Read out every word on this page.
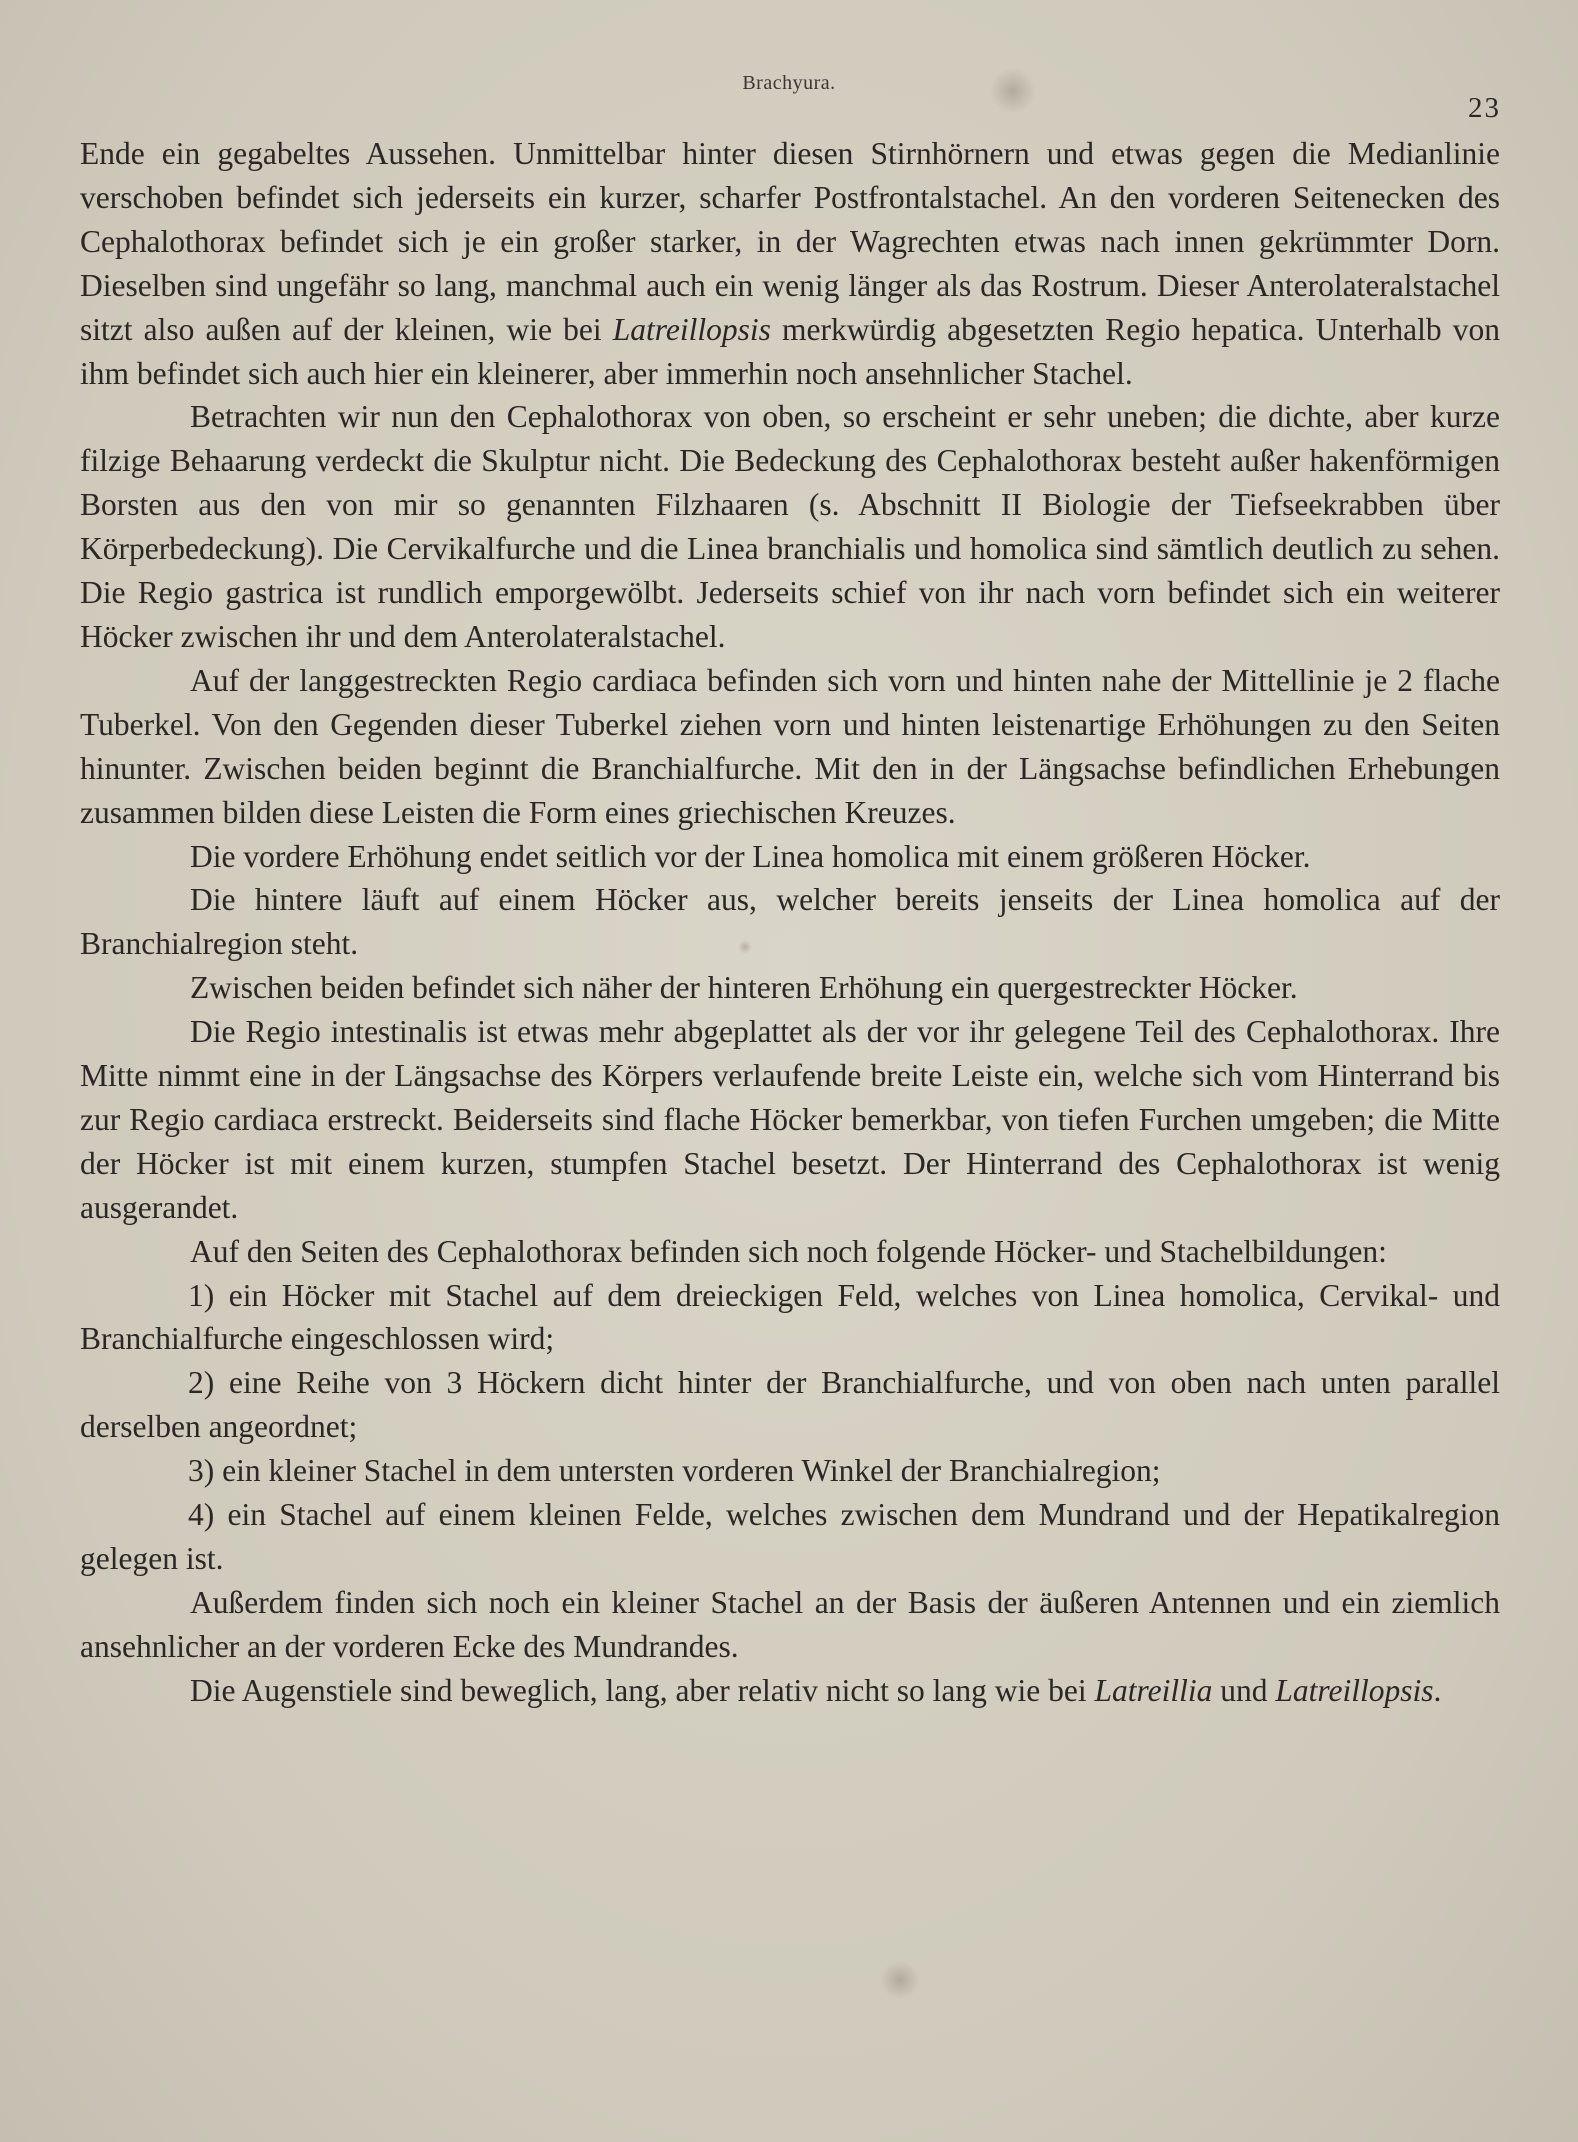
Brachyura.
23

Ende ein gegabeltes Aussehen. Unmittelbar hinter diesen Stirnhörnern und etwas gegen die Medianlinie verschoben befindet sich jederseits ein kurzer, scharfer Postfrontalstachel. An den vorderen Seitenecken des Cephalothorax befindet sich je ein großer starker, in der Wagrechten etwas nach innen gekrümmter Dorn. Dieselben sind ungefähr so lang, manchmal auch ein wenig länger als das Rostrum. Dieser Anterolateralstachel sitzt also außen auf der kleinen, wie bei Latreillopsis merkwürdig abgesetzten Regio hepatica. Unterhalb von ihm befindet sich auch hier ein kleinerer, aber immerhin noch ansehnlicher Stachel.

Betrachten wir nun den Cephalothorax von oben, so erscheint er sehr uneben; die dichte, aber kurze filzige Behaarung verdeckt die Skulptur nicht. Die Bedeckung des Cephalothorax besteht außer hakenförmigen Borsten aus den von mir so genannten Filzhaaren (s. Abschnitt II Biologie der Tiefseekrabben über Körperbedeckung). Die Cervikalfurche und die Linea branchialis und homolica sind sämtlich deutlich zu sehen. Die Regio gastrica ist rundlich emporgewölbt. Jederseits schief von ihr nach vorn befindet sich ein weiterer Höcker zwischen ihr und dem Anterolateralstachel.

Auf der langgestreckten Regio cardiaca befinden sich vorn und hinten nahe der Mittellinie je 2 flache Tuberkel. Von den Gegenden dieser Tuberkel ziehen vorn und hinten leistenartige Erhöhungen zu den Seiten hinunter. Zwischen beiden beginnt die Branchialfurche. Mit den in der Längsachse befindlichen Erhebungen zusammen bilden diese Leisten die Form eines griechischen Kreuzes.

Die vordere Erhöhung endet seitlich vor der Linea homolica mit einem größeren Höcker.

Die hintere läuft auf einem Höcker aus, welcher bereits jenseits der Linea homolica auf der Branchialregion steht.

Zwischen beiden befindet sich näher der hinteren Erhöhung ein quergestreckter Höcker.

Die Regio intestinalis ist etwas mehr abgeplattet als der vor ihr gelegene Teil des Cephalothorax. Ihre Mitte nimmt eine in der Längsachse des Körpers verlaufende breite Leiste ein, welche sich vom Hinterrand bis zur Regio cardiaca erstreckt. Beiderseits sind flache Höcker bemerkbar, von tiefen Furchen umgeben; die Mitte der Höcker ist mit einem kurzen, stumpfen Stachel besetzt. Der Hinterrand des Cephalothorax ist wenig ausgerandet.

Auf den Seiten des Cephalothorax befinden sich noch folgende Höcker- und Stachelbildungen:

1) ein Höcker mit Stachel auf dem dreieckigen Feld, welches von Linea homolica, Cervikal- und Branchialfurche eingeschlossen wird;

2) eine Reihe von 3 Höckern dicht hinter der Branchialfurche, und von oben nach unten parallel derselben angeordnet;

3) ein kleiner Stachel in dem untersten vorderen Winkel der Branchialregion;

4) ein Stachel auf einem kleinen Felde, welches zwischen dem Mundrand und der Hepatikalregion gelegen ist.

Außerdem finden sich noch ein kleiner Stachel an der Basis der äußeren Antennen und ein ziemlich ansehnlicher an der vorderen Ecke des Mundrandes.

Die Augenstiele sind beweglich, lang, aber relativ nicht so lang wie bei Latreillia und Latreillopsis.
